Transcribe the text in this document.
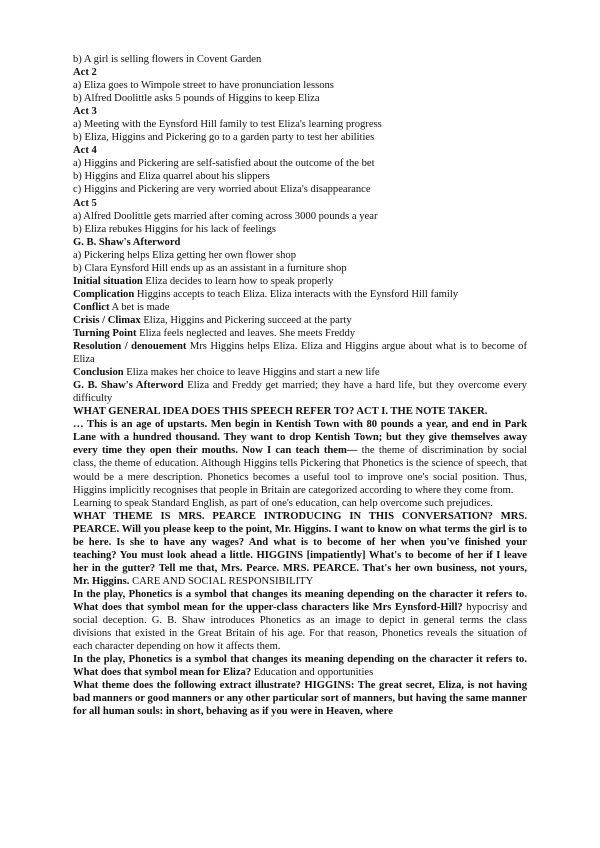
b) A girl is selling flowers in Covent Garden

Act 2

a) Eliza goes to Wimpole street to have pronunciation lessons

b) Alfred Doolittle asks 5 pounds of Higgins to keep Eliza

Act 3

a) Meeting with the Eynsford Hill family to test Eliza's learning progress

b) Eliza, Higgins and Pickering go to a garden party to test her abilities

Act 4

a) Higgins and Pickering are self-satisfied about the outcome of the bet

b) Higgins and Eliza quarrel about his slippers

c) Higgins and Pickering are very worried about Eliza's disappearance

Act 5

a) Alfred Doolittle gets married after coming across 3000 pounds a year

b) Eliza rebukes Higgins for his lack of feelings

G. B. Shaw's Afterword

a) Pickering helps Eliza getting her own flower shop

b) Clara Eynsford Hill ends up as an assistant in a furniture shop

Initial situation Eliza decides to learn how to speak properly

Complication Higgins accepts to teach Eliza. Eliza interacts with the Eynsford Hill family

Conflict A bet is made

Crisis / Climax Eliza, Higgins and Pickering succeed at the party

Turning Point Eliza feels neglected and leaves. She meets Freddy

Resolution / denouement Mrs Higgins helps Eliza. Eliza and Higgins argue about what is to become of Eliza

Conclusion Eliza makes her choice to leave Higgins and start a new life

G. B. Shaw's Afterword Eliza and Freddy get married; they have a hard life, but they overcome every difficulty

WHAT GENERAL IDEA DOES THIS SPEECH REFER TO? ACT I. THE NOTE TAKER.

… This is an age of upstarts. Men begin in Kentish Town with 80 pounds a year, and end in Park Lane with a hundred thousand. They want to drop Kentish Town; but they give themselves away every time they open their mouths. Now I can teach them— the theme of discrimination by social class, the theme of education. Although Higgins tells Pickering that Phonetics is the science of speech, that would be a mere description. Phonetics becomes a useful tool to improve one's social position. Thus, Higgins implicitly recognises that people in Britain are categorized according to where they come from.

Learning to speak Standard English, as part of one's education, can help overcome such prejudices.

WHAT THEME IS MRS. PEARCE INTRODUCING IN THIS CONVERSATION? MRS. PEARCE. Will you please keep to the point, Mr. Higgins. I want to know on what terms the girl is to be here. Is she to have any wages? And what is to become of her when you've finished your teaching? You must look ahead a little. HIGGINS [impatiently] What's to become of her if I leave her in the gutter? Tell me that, Mrs. Pearce. MRS. PEARCE. That's her own business, not yours, Mr. Higgins. CARE AND SOCIAL RESPONSIBILITY

In the play, Phonetics is a symbol that changes its meaning depending on the character it refers to. What does that symbol mean for the upper-class characters like Mrs Eynsford-Hill? hypocrisy and social deception. G. B. Shaw introduces Phonetics as an image to depict in general terms the class divisions that existed in the Great Britain of his age. For that reason, Phonetics reveals the situation of each character depending on how it affects them.

In the play, Phonetics is a symbol that changes its meaning depending on the character it refers to. What does that symbol mean for Eliza? Education and opportunities

What theme does the following extract illustrate? HIGGINS: The great secret, Eliza, is not having bad manners or good manners or any other particular sort of manners, but having the same manner for all human souls: in short, behaving as if you were in Heaven, where
